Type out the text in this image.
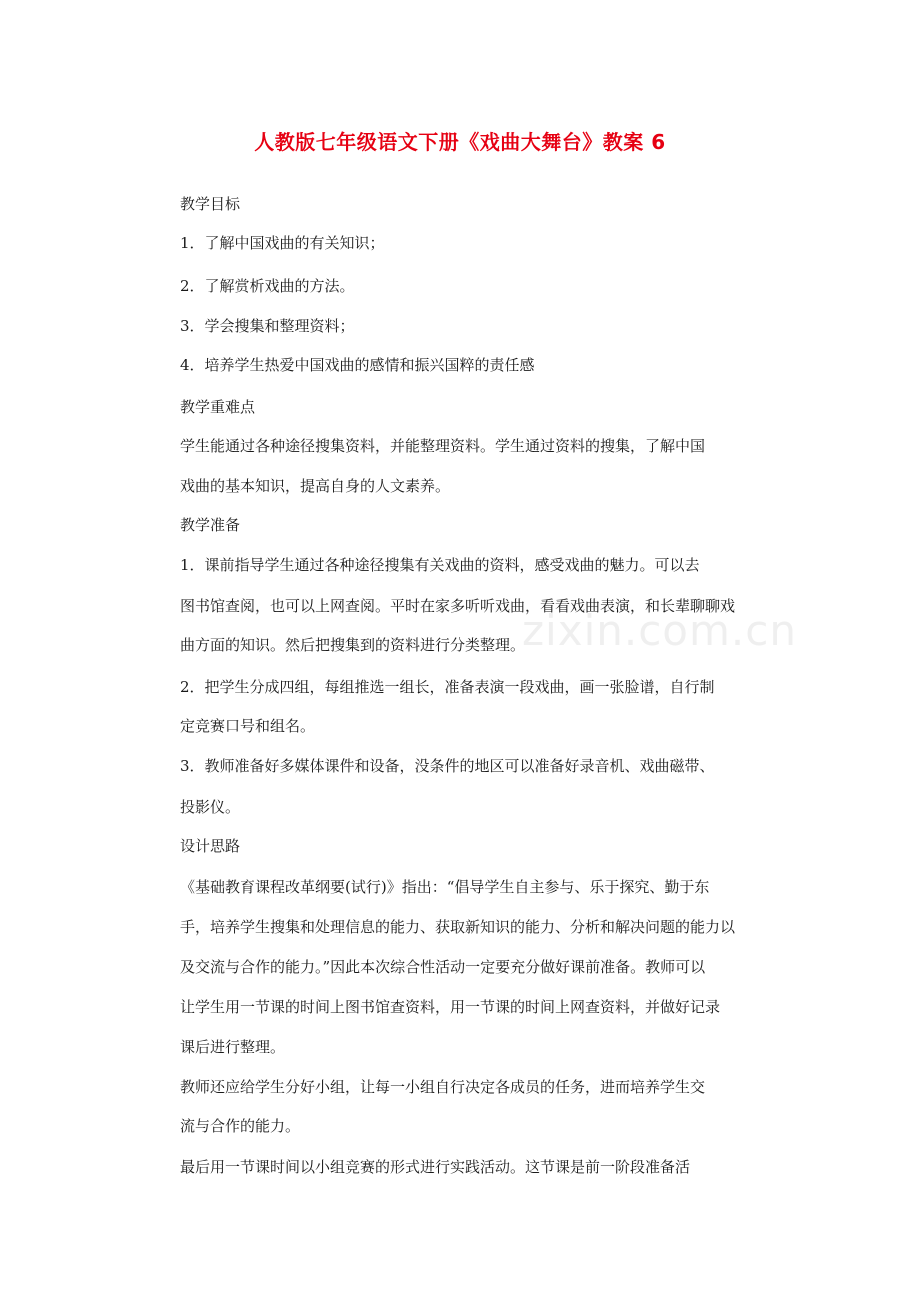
人教版七年级语文下册《戏曲大舞台》教案 6
zixin.com.cn
教学目标
1．了解中国戏曲的有关知识；
2．了解赏析戏曲的方法。
3．学会搜集和整理资料；
4．培养学生热爱中国戏曲的感情和振兴国粹的责任感
教学重难点
学生能通过各种途径搜集资料，并能整理资料。学生通过资料的搜集，了解中国
戏曲的基本知识，提高自身的人文素养。
教学准备
1．课前指导学生通过各种途径搜集有关戏曲的资料，感受戏曲的魅力。可以去
图书馆查阅，也可以上网查阅。平时在家多听听戏曲，看看戏曲表演，和长辈聊聊戏
曲方面的知识。然后把搜集到的资料进行分类整理。
2．把学生分成四组，每组推选一组长，准备表演一段戏曲，画一张脸谱，自行制
定竞赛口号和组名。
3．教师准备好多媒体课件和设备，没条件的地区可以准备好录音机、戏曲磁带、
投影仪。
设计思路
《基础教育课程改革纲要(试行)》指出：“倡导学生自主参与、乐于探究、勤于东
手，培养学生搜集和处理信息的能力、获取新知识的能力、分析和解决问题的能力以
及交流与合作的能力。”因此本次综合性活动一定要充分做好课前准备。教师可以
让学生用一节课的时间上图书馆查资料，用一节课的时间上网查资料，并做好记录
课后进行整理。
教师还应给学生分好小组，让每一小组自行决定各成员的任务，进而培养学生交
流与合作的能力。
最后用一节课时间以小组竞赛的形式进行实践活动。这节课是前一阶段准备活
